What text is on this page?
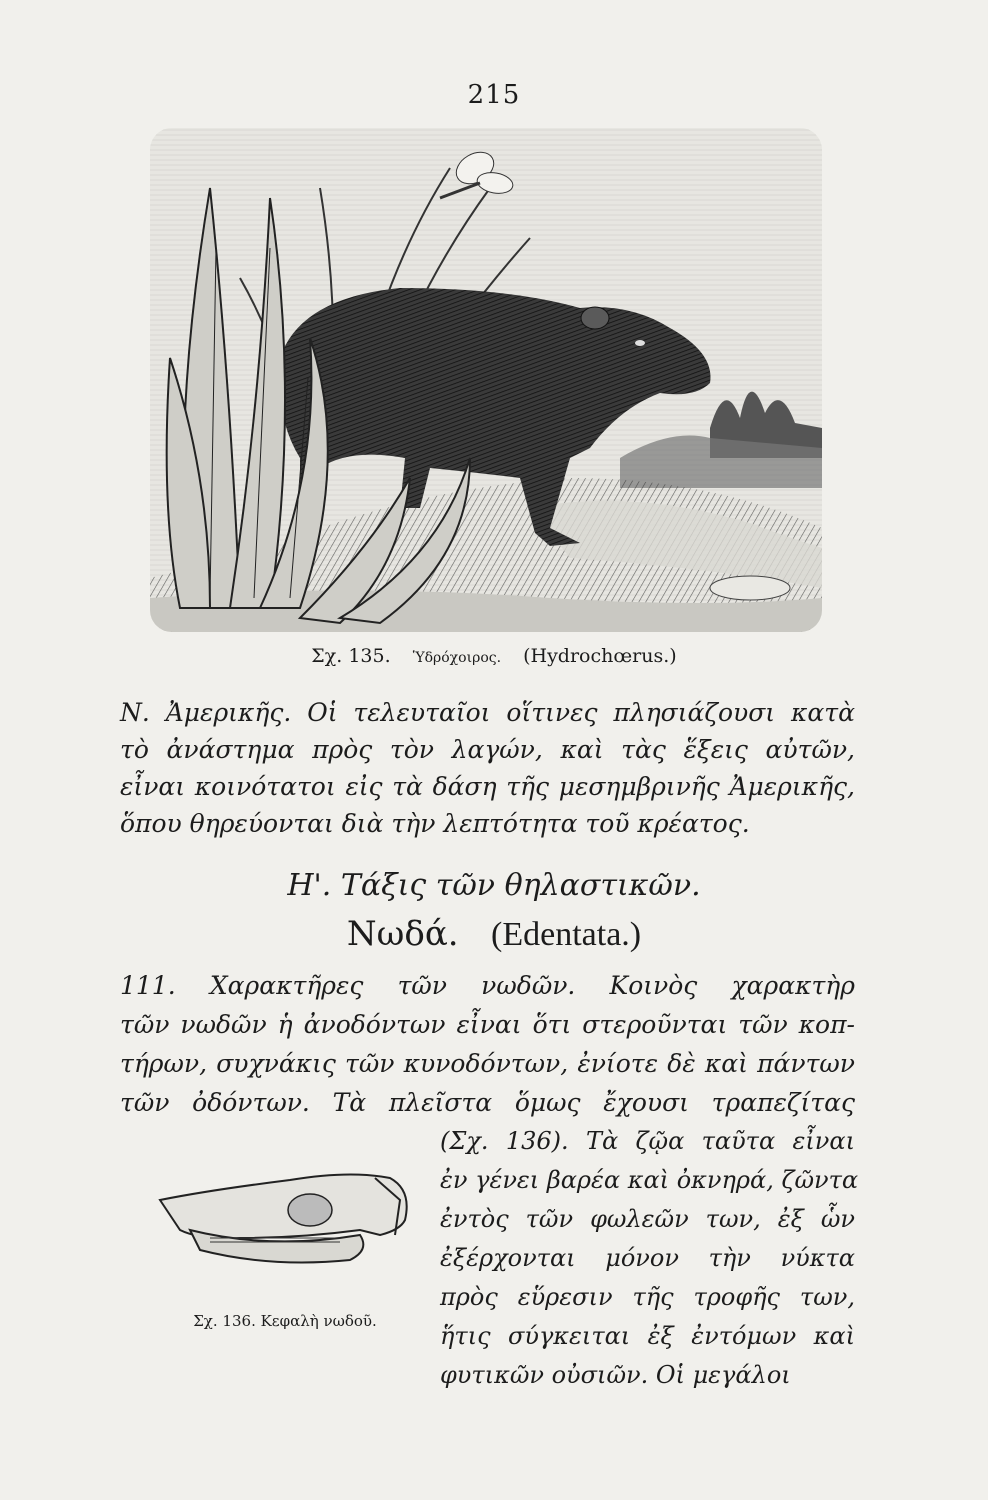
215
Σχ. 135. Ὑδρόχοιρος. (Hydrochœrus.)
Ν. Ἀμερικῆς. Οἱ τελευταῖοι οἵτινες πλησιάζουσι κατὰ
τὸ ἀνάστημα πρὸς τὸν λαγών, καὶ τὰς ἕξεις αὐτῶν,
εἶναι κοινότατοι εἰς τὰ δάση τῆς μεσημβρινῆς Ἀμερικῆς,
ὅπου θηρεύονται διὰ τὴν λεπτότητα τοῦ κρέατος.
Η'. Τάξις τῶν θηλαστικῶν.
Νωδά. (Edentata.)
111. Χαρακτῆρες τῶν νωδῶν. Κοινὸς χαρακτὴρ
τῶν νωδῶν ἡ ἀνοδόντων εἶναι ὅτι στεροῦνται τῶν κοπ-
τήρων, συχνάκις τῶν κυνοδόντων, ἐνίοτε δὲ καὶ πάντων
τῶν ὀδόντων. Τὰ πλεῖστα ὅμως ἔχουσι τραπεζίτας
(Σχ. 136). Τὰ ζῷα ταῦτα εἶναι
ἐν γένει βαρέα καὶ ὀκνηρά, ζῶντα
ἐντὸς τῶν φωλεῶν των, ἐξ ὧν
ἐξέρχονται μόνον τὴν νύκτα
πρὸς εὕρεσιν τῆς τροφῆς των,
ἥτις σύγκειται ἐξ ἐντόμων καὶ
φυτικῶν οὐσιῶν. Οἱ μεγάλοι
Σχ. 136. Κεφαλὴ νωδοῦ.
